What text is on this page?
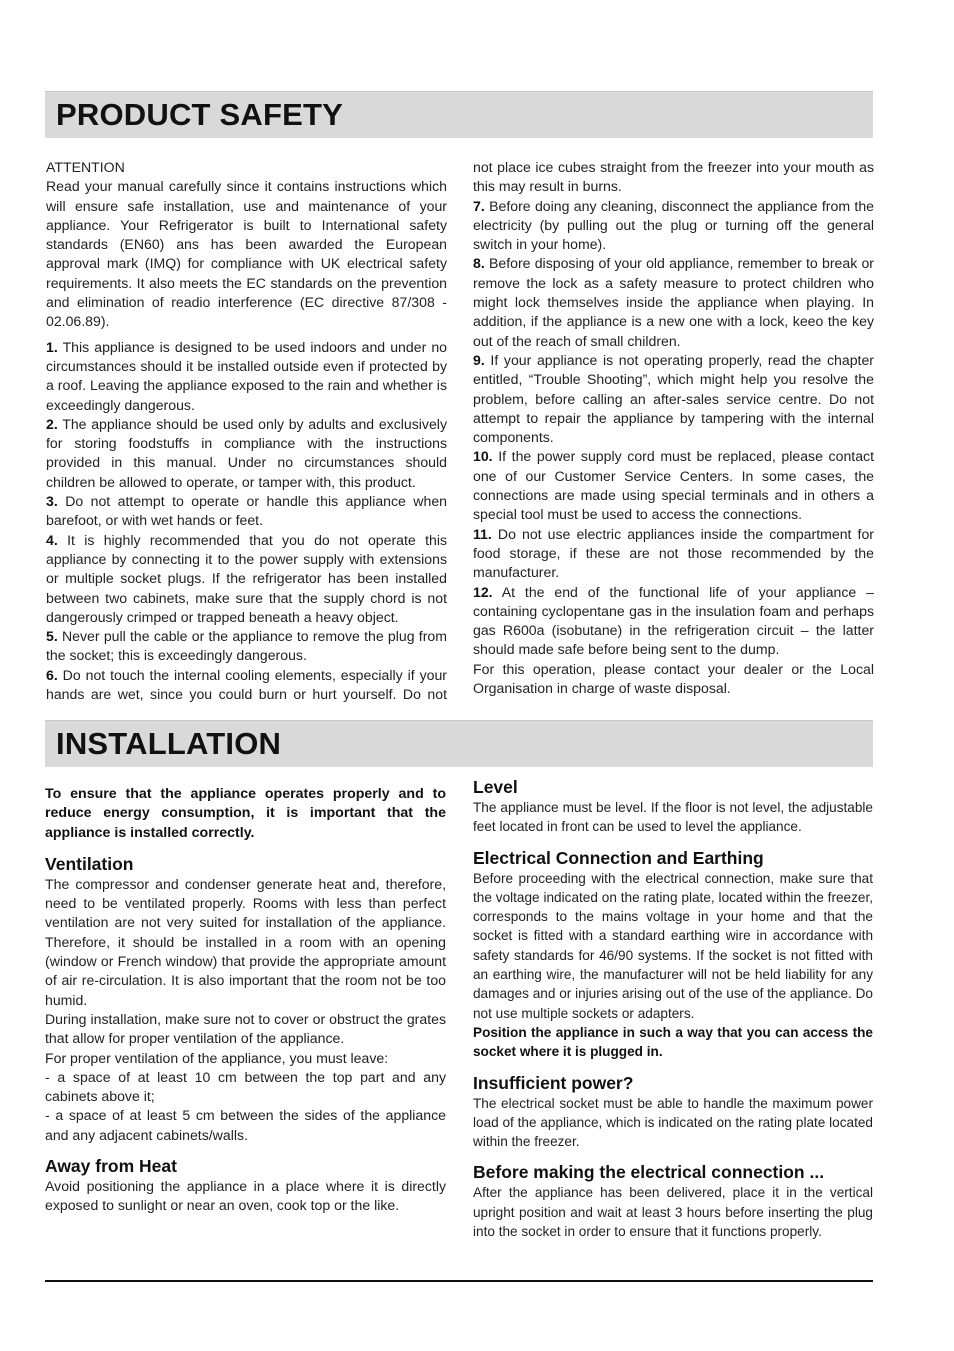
PRODUCT SAFETY

ATTENTION

Read your manual carefully since it contains instructions which will ensure safe installation, use and maintenance of your appliance. Your Refrigerator is built to International safety standards (EN60) ans has been awarded the European approval mark (IMQ) for compliance with UK electrical safety requirements. It also meets the EC standards on the prevention and elimination of readio interference (EC directive 87/308 - 02.06.89).

1. This appliance is designed to be used indoors and under no circumstances should it be installed outside even if protected by a roof. Leaving the appliance exposed to the rain and whether is exceedingly dangerous.

2. The appliance should be used only by adults and exclusively for storing foodstuffs in compliance with the instructions provided in this manual. Under no circumstances should children be allowed to operate, or tamper with, this product.

3. Do not attempt to operate or handle this appliance when barefoot, or with wet hands or feet.

4. It is highly recommended that you do not operate this appliance by connecting it to the power supply with extensions or multiple socket plugs. If the refrigerator has been installed between two cabinets, make sure that the supply chord is not dangerously crimped or trapped beneath a heavy object.

5. Never pull the cable or the appliance to remove the plug from the socket; this is exceedingly dangerous.

6. Do not touch the internal cooling elements, especially if your hands are wet, since you could burn or hurt yourself. Do not

not place ice cubes straight from the freezer into your mouth as this may result in burns.

7. Before doing any cleaning, disconnect the appliance from the electricity (by pulling out the plug or turning off the general switch in your home).

8. Before disposing of your old appliance, remember to break or remove the lock as a safety measure to protect children who might lock themselves inside the appliance when playing. In addition, if the appliance is a new one with a lock, keeo the key out of the reach of small children.

9. If your appliance is not operating properly, read the chapter entitled, “Trouble Shooting”, which might help you resolve the problem, before calling an after-sales service centre. Do not attempt to repair the appliance by tampering with the internal components.

10. If the power supply cord must be replaced, please contact one of our Customer Service Centers. In some cases, the connections are made using special terminals and in others a special tool must be used to access the connections.

11. Do not use electric appliances inside the compartment for food storage, if these are not those recommended by the manufacturer.

12. At the end of the functional life of your appliance – containing cyclopentane gas in the insulation foam and perhaps gas R600a (isobutane) in the refrigeration circuit – the latter should made safe before being sent to the dump.

For this operation, please contact your dealer or the Local Organisation in charge of waste disposal.

INSTALLATION

To ensure that the appliance operates properly and to reduce energy consumption, it is important that the appliance is installed correctly.

Ventilation

The compressor and condenser generate heat and, therefore, need to be ventilated properly. Rooms with less than perfect ventilation are not very suited for installation of the appliance. Therefore, it should be installed in a room with an opening (window or French window) that provide the appropriate amount of air re-circulation. It is also important that the room not be too humid.

During installation, make sure not to cover or obstruct the grates that allow for proper ventilation of the appliance.

For proper ventilation of the appliance, you must leave:

- a space of at least 10 cm between the top part and any cabinets above it;

- a space of at least 5 cm between the sides of the appliance and any adjacent cabinets/walls.

Away from Heat

Avoid positioning the appliance in a place where it is directly exposed to sunlight or near an oven, cook top or the like.

Level

The appliance must be level. If the floor is not level, the adjustable feet located in front can be used to level the appliance.

Electrical Connection and Earthing

Before proceeding with the electrical connection, make sure that the voltage indicated on the rating plate, located within the freezer, corresponds to the mains voltage in your home and that the socket is fitted with a standard earthing wire in accordance with safety standards for 46/90 systems. If the socket is not fitted with an earthing wire, the manufacturer will not be held liability for any damages and or injuries arising out of the use of the appliance. Do not use multiple sockets or adapters.

Position the appliance in such a way that you can access the socket where it is plugged in.

Insufficient power?

The electrical socket must be able to handle the maximum power load of the appliance, which is indicated on the rating plate located within the freezer.

Before making the electrical connection ...

After the appliance has been delivered, place it in the vertical upright position and wait at least 3 hours before inserting the plug into the socket in order to ensure that it functions properly.
